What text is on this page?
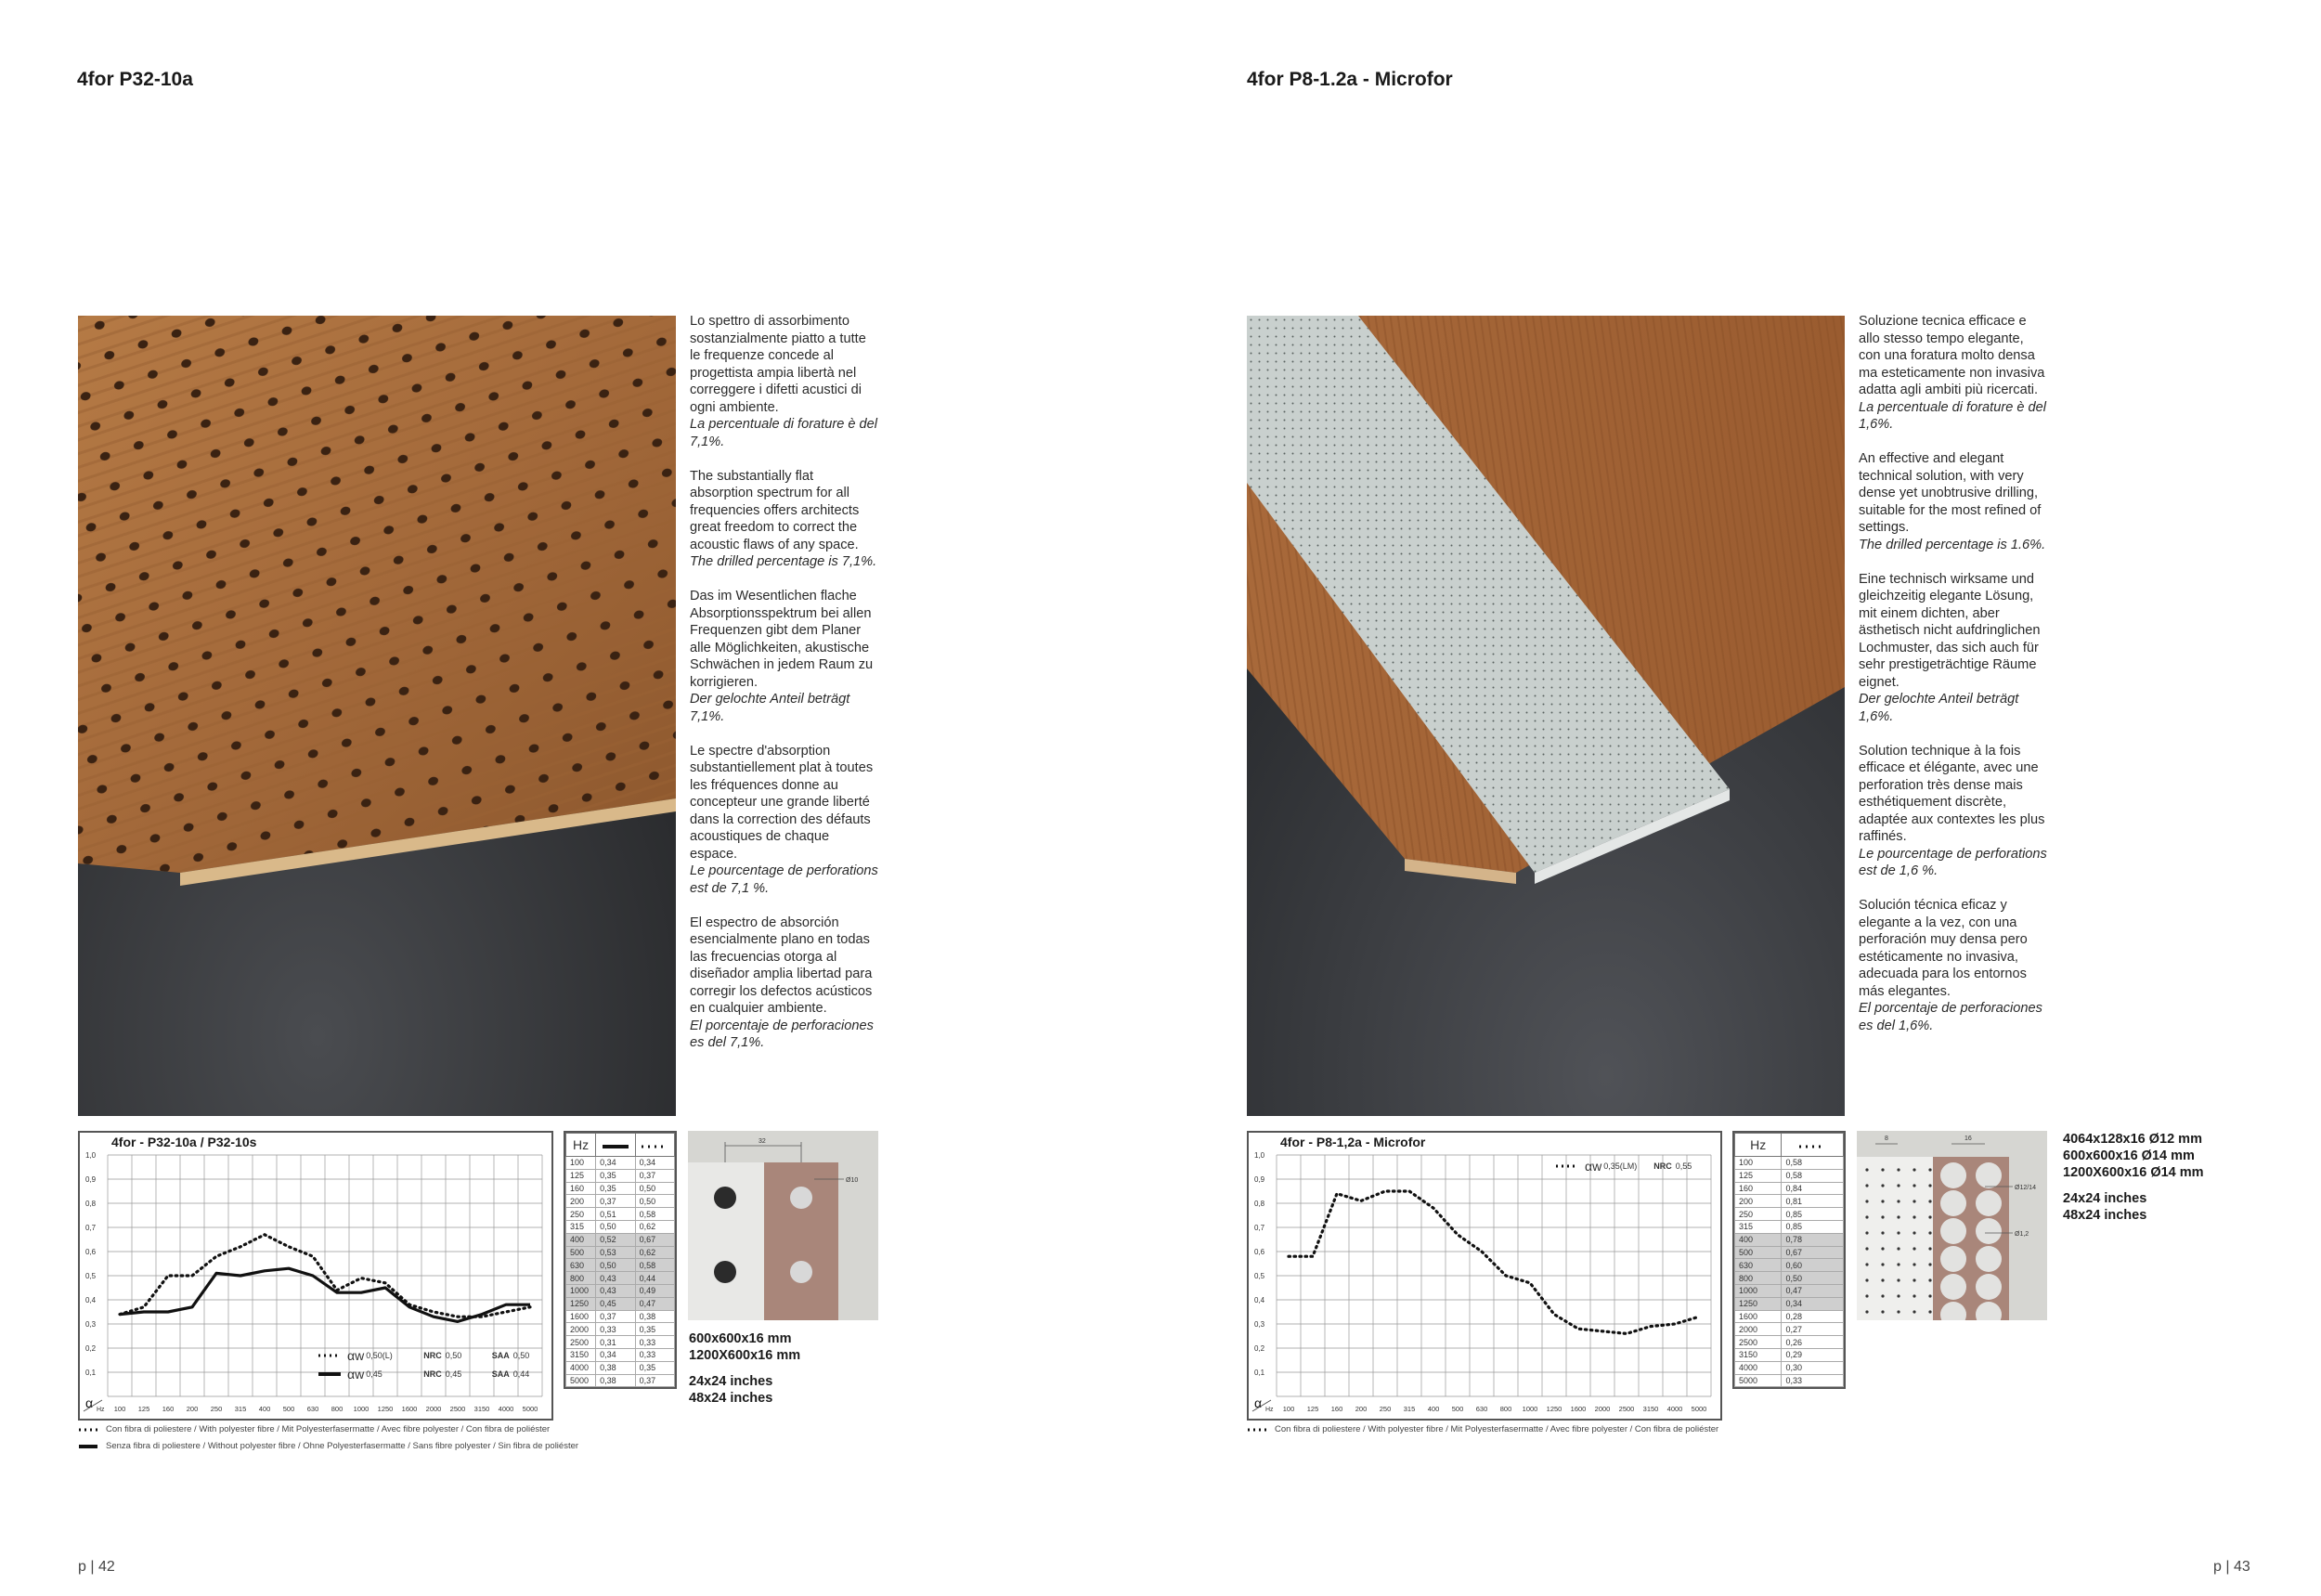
4for P32-10a

Lo spettro di assorbimento sostanzialmente piatto a tutte le frequenze concede al progettista ampia libertà nel correggere i difetti acustici di ogni ambiente.
La percentuale di forature è del 7,1%.

The substantially flat absorption spectrum for all frequencies offers architects great freedom to correct the acoustic flaws of any space.
The drilled percentage is 7,1%.

Das im Wesentlichen flache Absorptionsspektrum bei allen Frequenzen gibt dem Planer alle Möglichkeiten, akustische Schwächen in jedem Raum zu korrigieren.
Der gelochte Anteil beträgt 7,1%.

Le spectre d'absorption substantiellement plat à toutes les fréquences donne au concepteur une grande liberté dans la correction des défauts acoustiques de chaque espace.
Le pourcentage de perforations est de 7,1 %.

El espectro de absorción esencialmente plano en todas las frecuencias otorga al diseñador amplia libertad para corregir los defectos acústicos en cualquier ambiente.
El porcentaje de perforaciones es del 7,1%.

4for - P32-10a / P32-10s
0,1
0,2
0,3
0,4
0,5
0,6
0,7
0,8
0,9
1,0
α Hz 100 125 160 200 250 315 400 500 630 800 1000 1250 1600 2000 2500 3150 4000 5000
αw 0,50(L)	NRC 0,50	SAA 0,50
αw 0,45	NRC 0,45	SAA 0,44
Hz		
100	0,34	0,34
125	0,35	0,37
160	0,35	0,50
200	0,37	0,50
250	0,51	0,58
315	0,50	0,62
400	0,52	0,67
500	0,53	0,62
630	0,50	0,58
800	0,43	0,44
1000	0,43	0,49
1250	0,45	0,47
1600	0,37	0,38
2000	0,33	0,35
2500	0,31	0,33
3150	0,34	0,33
4000	0,38	0,35
5000	0,38	0,37
32
Ø10

600x600x16 mm
1200X600x16 mm

24x24 inches
48x24 inches

Con fibra di poliestere / With polyester fibre / Mit Polyesterfasermatte / Avec fibre polyester / Con fibra de poliéster
Senza fibra di poliestere / Without polyester fibre / Ohne Polyesterfasermatte / Sans fibre polyester / Sin fibra de poliéster
p | 42
4for P8-1.2a - Microfor

Soluzione tecnica efficace e allo stesso tempo elegante, con una foratura molto densa ma esteticamente non invasiva adatta agli ambiti più ricercati.
La percentuale di forature è del 1,6%.

An effective and elegant technical solution, with very dense yet unobtrusive drilling, suitable for the most refined of settings.
The drilled percentage is 1.6%.

Eine technisch wirksame und gleichzeitig elegante Lösung, mit einem dichten, aber ästhetisch nicht aufdringlichen Lochmuster, das sich auch für sehr prestigeträchtige Räume eignet.
Der gelochte Anteil beträgt 1,6%.

Solution technique à la fois efficace et élégante, avec une perforation très dense mais esthétiquement discrète, adaptée aux contextes les plus raffinés.
Le pourcentage de perforations est de 1,6 %.

Solución técnica eficaz y elegante a la vez, con una perforación muy densa pero estéticamente no invasiva, adecuada para los entornos más elegantes.
El porcentaje de perforaciones es del 1,6%.

4for - P8-1,2a - Microfor
0,1
0,2
0,3
0,4
0,5
0,6
0,7
0,8
0,9
1,0
α Hz 100 125 160 200 250 315 400 500 630 800 1000 1250 1600 2000 2500 3150 4000 5000
αw 0,35(LM)	NRC 0,55
Hz	
100	0,58
125	0,58
160	0,84
200	0,81
250	0,85
315	0,85
400	0,78
500	0,67
630	0,60
800	0,50
1000	0,47
1250	0,34
1600	0,28
2000	0,27
2500	0,26
3150	0,29
4000	0,30
5000	0,33
8	16
Ø12/14
Ø1,2

4064x128x16 Ø12 mm
600x600x16 Ø14 mm
1200X600x16 Ø14 mm

24x24 inches
48x24 inches

Con fibra di poliestere / With polyester fibre / Mit Polyesterfasermatte / Avec fibre polyester / Con fibra de poliéster
p | 43
